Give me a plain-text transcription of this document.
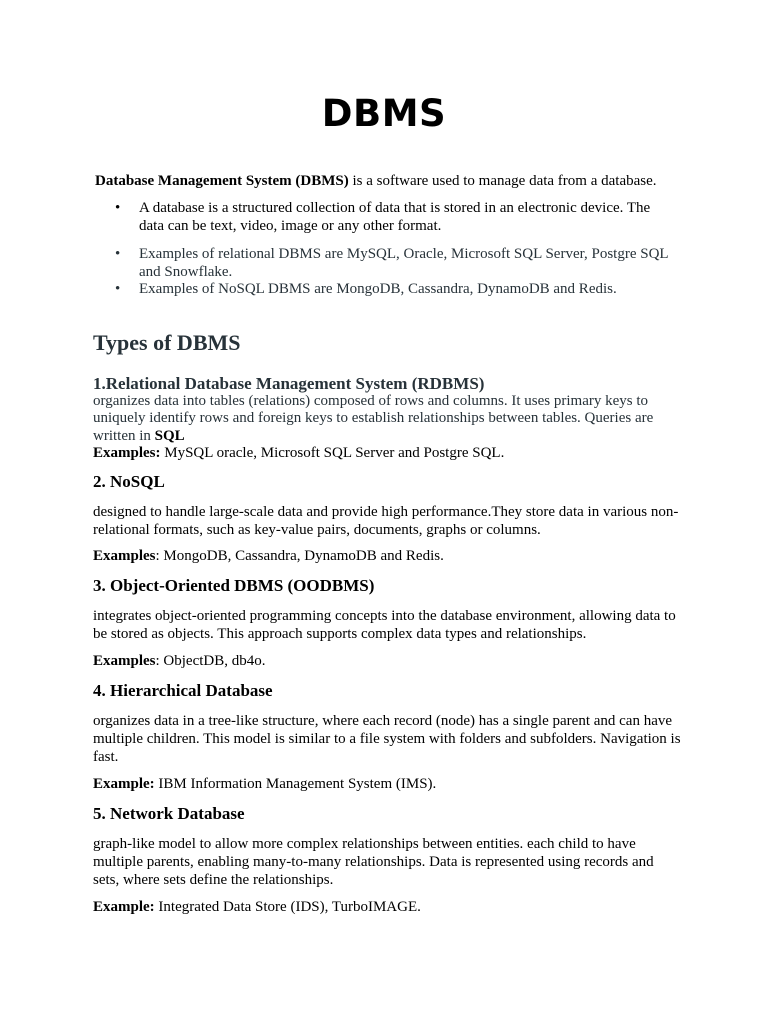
DBMS

Database Management System (DBMS) is a software used to manage data from a database.

• A database is a structured collection of data that is stored in an electronic device. The data can be text, video, image or any other format.
• Examples of relational DBMS are MySQL, Oracle, Microsoft SQL Server, Postgre SQL and Snowflake.
• Examples of NoSQL DBMS are MongoDB, Cassandra, DynamoDB and Redis.
Types of DBMS
1.Relational Database Management System (RDBMS)

organizes data into tables (relations) composed of rows and columns. It uses primary keys to uniquely identify rows and foreign keys to establish relationships between tables. Queries are written in SQL

Examples: MySQL oracle, Microsoft SQL Server and Postgre SQL.

2. NoSQL

designed to handle large-scale data and provide high performance.They store data in various non-relational formats, such as key-value pairs, documents, graphs or columns.

Examples: MongoDB, Cassandra, DynamoDB and Redis.

3. Object-Oriented DBMS (OODBMS)

integrates object-oriented programming concepts into the database environment, allowing data to be stored as objects. This approach supports complex data types and relationships.

Examples: ObjectDB, db4o.

4. Hierarchical Database

organizes data in a tree-like structure, where each record (node) has a single parent and can have multiple children. This model is similar to a file system with folders and subfolders. Navigation is fast.

Example: IBM Information Management System (IMS).

5. Network Database

graph-like model to allow more complex relationships between entities. each child to have multiple parents, enabling many-to-many relationships. Data is represented using records and sets, where sets define the relationships.

Example: Integrated Data Store (IDS), TurboIMAGE.
